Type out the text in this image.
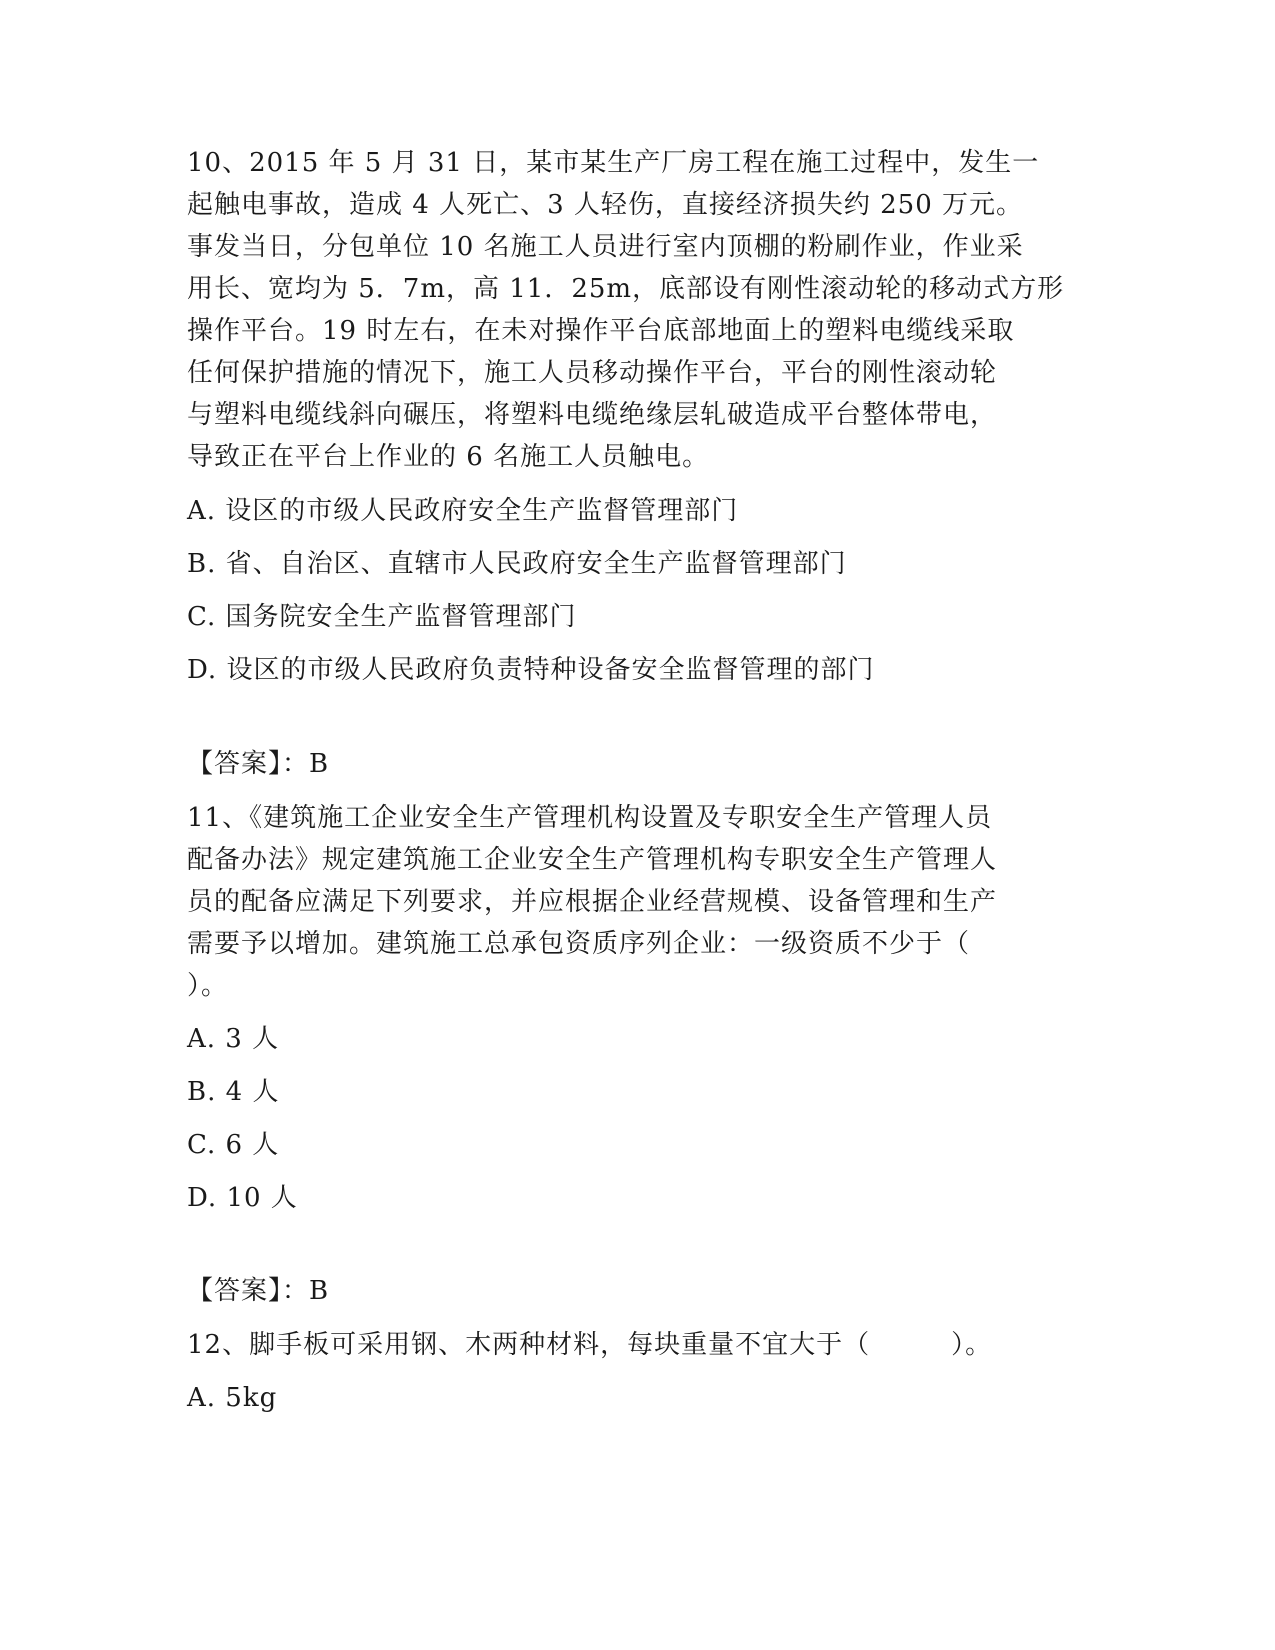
10、2015 年 5 月 31 日，某市某生产厂房工程在施工过程中，发生一
起触电事故，造成 4 人死亡、3 人轻伤，直接经济损失约 250 万元。
事发当日，分包单位 10 名施工人员进行室内顶棚的粉刷作业，作业采
用长、宽均为 5．7m，高 11．25m，底部设有刚性滚动轮的移动式方形
操作平台。19 时左右，在未对操作平台底部地面上的塑料电缆线采取
任何保护措施的情况下，施工人员移动操作平台，平台的刚性滚动轮
与塑料电缆线斜向碾压，将塑料电缆绝缘层轧破造成平台整体带电，
导致正在平台上作业的 6 名施工人员触电。
A. 设区的市级人民政府安全生产监督管理部门
B. 省、自治区、直辖市人民政府安全生产监督管理部门
C. 国务院安全生产监督管理部门
D. 设区的市级人民政府负责特种设备安全监督管理的部门
【答案】：B
11、《建筑施工企业安全生产管理机构设置及专职安全生产管理人员
配备办法》规定建筑施工企业安全生产管理机构专职安全生产管理人
员的配备应满足下列要求，并应根据企业经营规模、设备管理和生产
需要予以增加。建筑施工总承包资质序列企业：一级资质不少于（
）。
A. 3 人
B. 4 人
C. 6 人
D. 10 人
【答案】：B
12、脚手板可采用钢、木两种材料，每块重量不宜大于（　　　）。
A. 5kg
